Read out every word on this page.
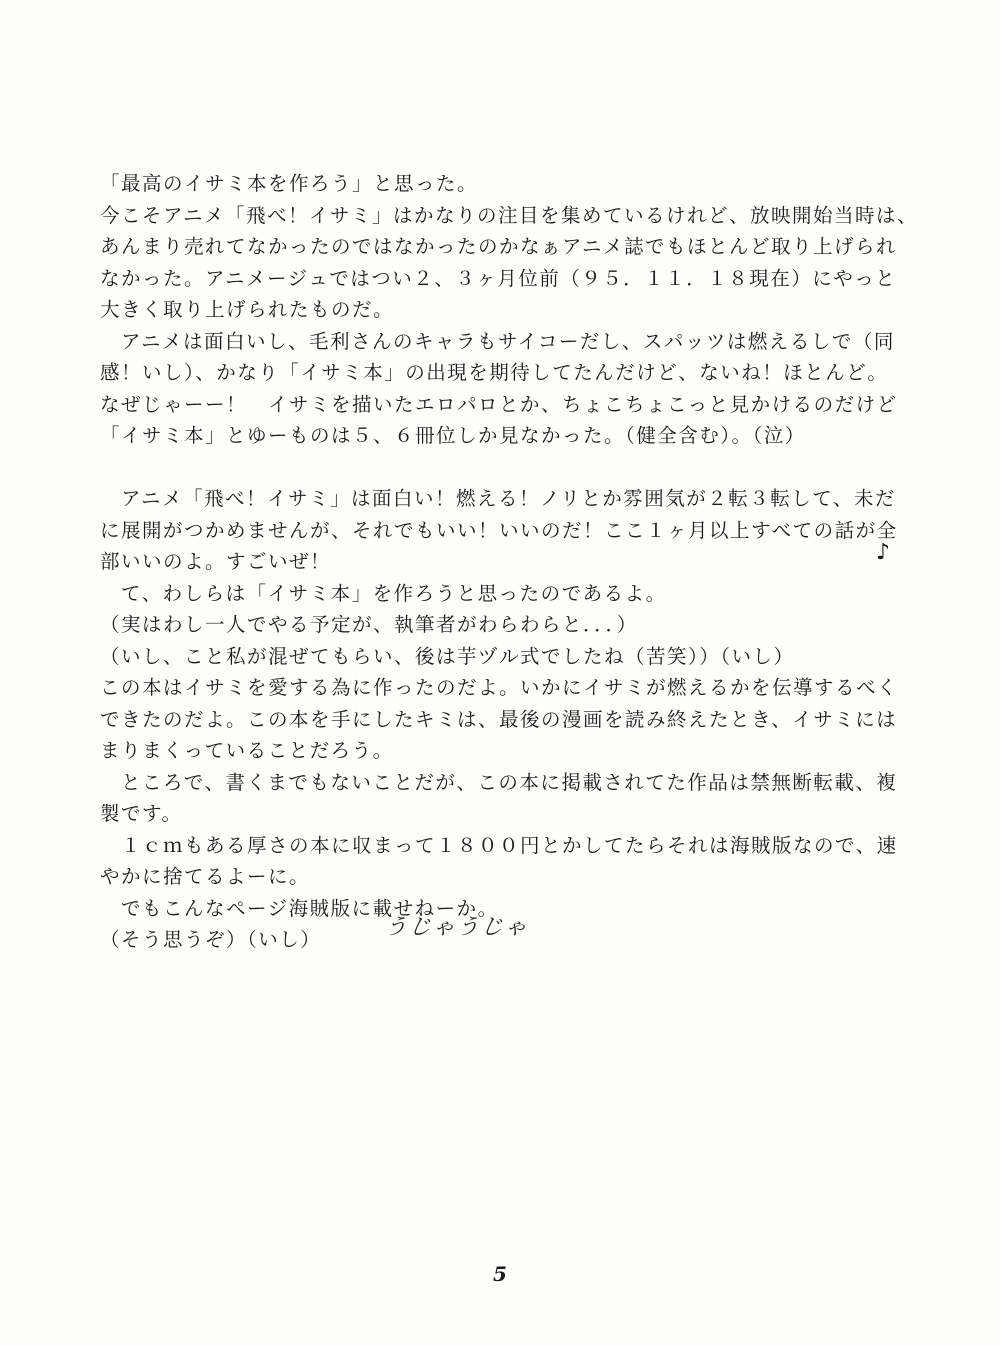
「最高のイサミ本を作ろう」と思った。
今こそアニメ「飛べ！イサミ」はかなりの注目を集めているけれど、放映開始当時は、
あんまり売れてなかったのではなかったのかなぁアニメ誌でもほとんど取り上げられ
なかった。アニメージュではつい２、３ヶ月位前（９５．１１．１８現在）にやっと
大きく取り上げられたものだ。
　アニメは面白いし、毛利さんのキャラもサイコーだし、スパッツは燃えるしで（同
感！いし）、かなり「イサミ本」の出現を期待してたんだけど、ないね！ほとんど。
なぜじゃーー！　イサミを描いたエロパロとか、ちょこちょこっと見かけるのだけど
「イサミ本」とゆーものは５、６冊位しか見なかった。（健全含む）。（泣）
　アニメ「飛べ！イサミ」は面白い！燃える！ノリとか雰囲気が２転３転して、未だ
に展開がつかめませんが、それでもいい！いいのだ！ここ１ヶ月以上すべての話が全
部いいのよ。すごいぜ！
　て、わしらは「イサミ本」を作ろうと思ったのであるよ。
（実はわし一人でやる予定が、執筆者がわらわらと．．．）
（いし、こと私が混ぜてもらい、後は芋ヅル式でしたね（苦笑））（いし）
この本はイサミを愛する為に作ったのだよ。いかにイサミが燃えるかを伝導するべく
できたのだよ。この本を手にしたキミは、最後の漫画を読み終えたとき、イサミには
まりまくっていることだろう。
　ところで、書くまでもないことだが、この本に掲載されてた作品は禁無断転載、複
製です。
　１ｃｍもある厚さの本に収まって１８００円とかしてたらそれは海賊版なので、速
やかに捨てるよーに。
　でもこんなページ海賊版に載せねーか。
（そう思うぞ）（いし）
♪
うじゃうじゃ
5
